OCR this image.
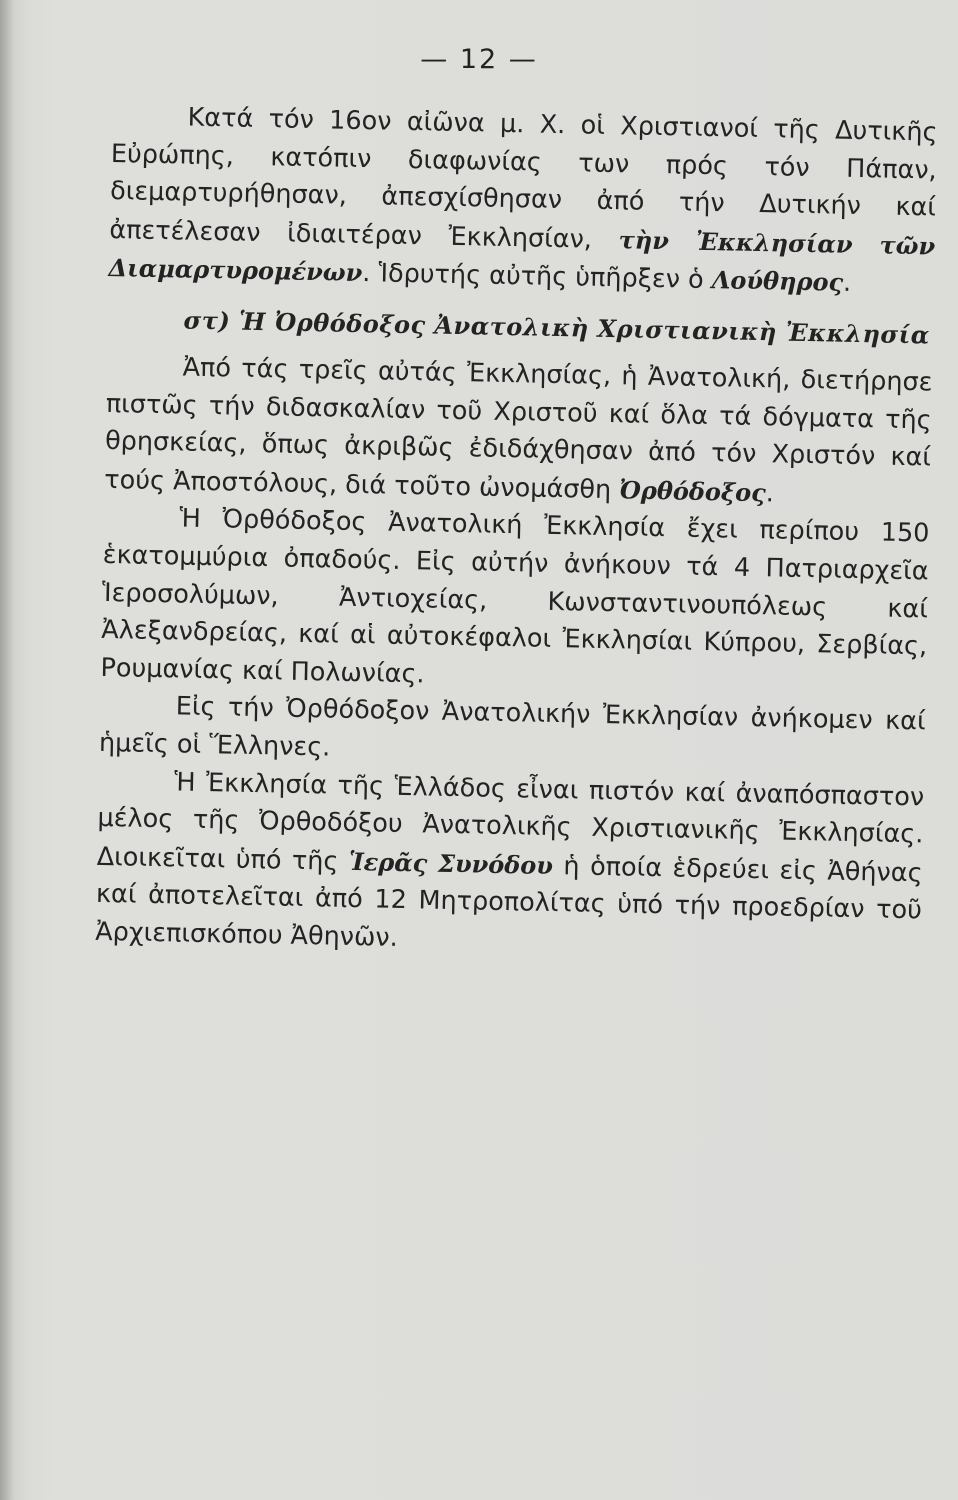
— 12 —

Κατά τόν 16ον αἰῶνα μ. Χ. οἱ Χριστιανοί τῆς Δυτικῆς Εὐρώπης, κατόπιν διαφωνίας των πρός τόν Πάπαν, διεμαρτυρήθησαν, ἀπεσχίσθησαν ἀπό τήν Δυτικήν καί ἀπετέλεσαν ἰδιαιτέραν Ἐκκλησίαν, τὴν Ἐκκλησίαν τῶν Διαμαρτυρομένων. Ἱδρυτής αὐτῆς ὑπῆρξεν ὁ Λούθηρος.

στ) Ἡ Ὀρθόδοξος Ἀνατολικὴ Χριστιανικὴ Ἐκκλησία

Ἀπό τάς τρεῖς αὐτάς Ἐκκλησίας, ἡ Ἀνατολική, διετήρησε πιστῶς τήν διδασκαλίαν τοῦ Χριστοῦ καί ὅλα τά δόγματα τῆς θρησκείας, ὅπως ἀκριβῶς ἐδιδάχθησαν ἀπό τόν Χριστόν καί τούς Ἀποστόλους, διά τοῦτο ὠνομάσθη Ὀρθόδοξος.

Ἡ Ὀρθόδοξος Ἀνατολική Ἐκκλησία ἔχει περίπου 150 ἑκατομμύρια ὀπαδούς. Εἰς αὐτήν ἀνήκουν τά 4 Πατριαρχεῖα Ἱεροσολύμων, Ἀντιοχείας, Κωνσταντινουπόλεως καί Ἀλεξανδρείας, καί αἱ αὐτοκέφαλοι Ἐκκλησίαι Κύπρου, Σερβίας, Ρουμανίας καί Πολωνίας.

Εἰς τήν Ὀρθόδοξον Ἀνατολικήν Ἐκκλησίαν ἀνήκομεν καί ἡμεῖς οἱ Ἕλληνες.

Ἡ Ἐκκλησία τῆς Ἑλλάδος εἶναι πιστόν καί ἀναπόσπαστον μέλος τῆς Ὀρθοδόξου Ἀνατολικῆς Χριστιανικῆς Ἐκκλησίας. Διοικεῖται ὑπό τῆς Ἱερᾶς Συνόδου ἡ ὁποία ἑδρεύει εἰς Ἀθήνας καί ἀποτελεῖται ἀπό 12 Μητροπολίτας ὑπό τήν προεδρίαν τοῦ Ἀρχιεπισκόπου Ἀθηνῶν.
